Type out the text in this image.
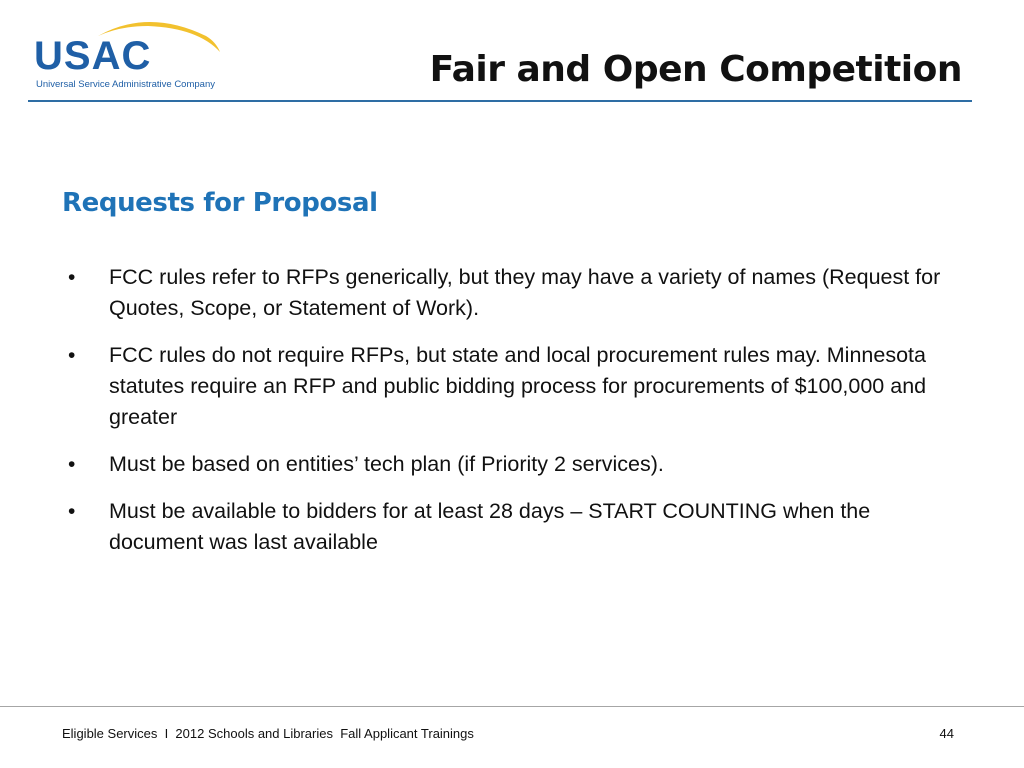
USAC
Universal Service Administrative Company	Fair and Open Competition
Requests for Proposal
• FCC rules refer to RFPs generically, but they may have a variety of names (Request for Quotes, Scope, or Statement of Work).
• FCC rules do not require RFPs, but state and local procurement rules may. Minnesota statutes require an RFP and public bidding process for procurements of $100,000 and greater
• Must be based on entities’ tech plan (if Priority 2 services).
• Must be available to bidders for at least 28 days – START COUNTING when the document was last available
Eligible Services  I  2012 Schools and Libraries  Fall Applicant Trainings	44
